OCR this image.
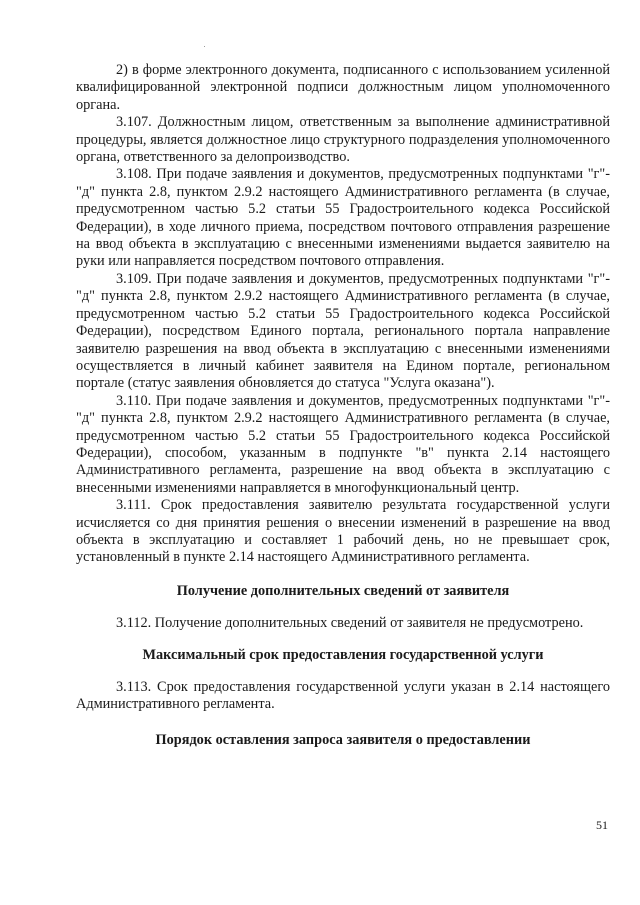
2) в форме электронного документа, подписанного с использованием усиленной квалифицированной электронной подписи должностным лицом уполномоченного органа.

3.107. Должностным лицом, ответственным за выполнение административной процедуры, является должностное лицо структурного подразделения уполномоченного органа, ответственного за делопроизводство.

3.108. При подаче заявления и документов, предусмотренных подпунктами "г"-"д" пункта 2.8, пунктом 2.9.2 настоящего Административного регламента (в случае, предусмотренном частью 5.2 статьи 55 Градостроительного кодекса Российской Федерации), в ходе личного приема, посредством почтового отправления разрешение на ввод объекта в эксплуатацию с внесенными изменениями выдается заявителю на руки или направляется посредством почтового отправления.

3.109. При подаче заявления и документов, предусмотренных подпунктами "г"-"д" пункта 2.8, пунктом 2.9.2 настоящего Административного регламента (в случае, предусмотренном частью 5.2 статьи 55 Градостроительного кодекса Российской Федерации), посредством Единого портала, регионального портала направление заявителю разрешения на ввод объекта в эксплуатацию с внесенными изменениями осуществляется в личный кабинет заявителя на Едином портале, региональном портале (статус заявления обновляется до статуса "Услуга оказана").

3.110. При подаче заявления и документов, предусмотренных подпунктами "г"-"д" пункта 2.8, пунктом 2.9.2 настоящего Административного регламента (в случае, предусмотренном частью 5.2 статьи 55 Градостроительного кодекса Российской Федерации), способом, указанным в подпункте "в" пункта 2.14 настоящего Административного регламента, разрешение на ввод объекта в эксплуатацию с внесенными изменениями направляется в многофункциональный центр.

3.111. Срок предоставления заявителю результата государственной услуги исчисляется со дня принятия решения о внесении изменений в разрешение на ввод объекта в эксплуатацию и составляет 1 рабочий день, но не превышает срок, установленный в пункте 2.14 настоящего Административного регламента.

Получение дополнительных сведений от заявителя

3.112. Получение дополнительных сведений от заявителя не предусмотрено.

Максимальный срок предоставления государственной услуги

3.113. Срок предоставления государственной услуги указан в 2.14 настоящего Административного регламента.

Порядок оставления запроса заявителя о предоставлении

51
